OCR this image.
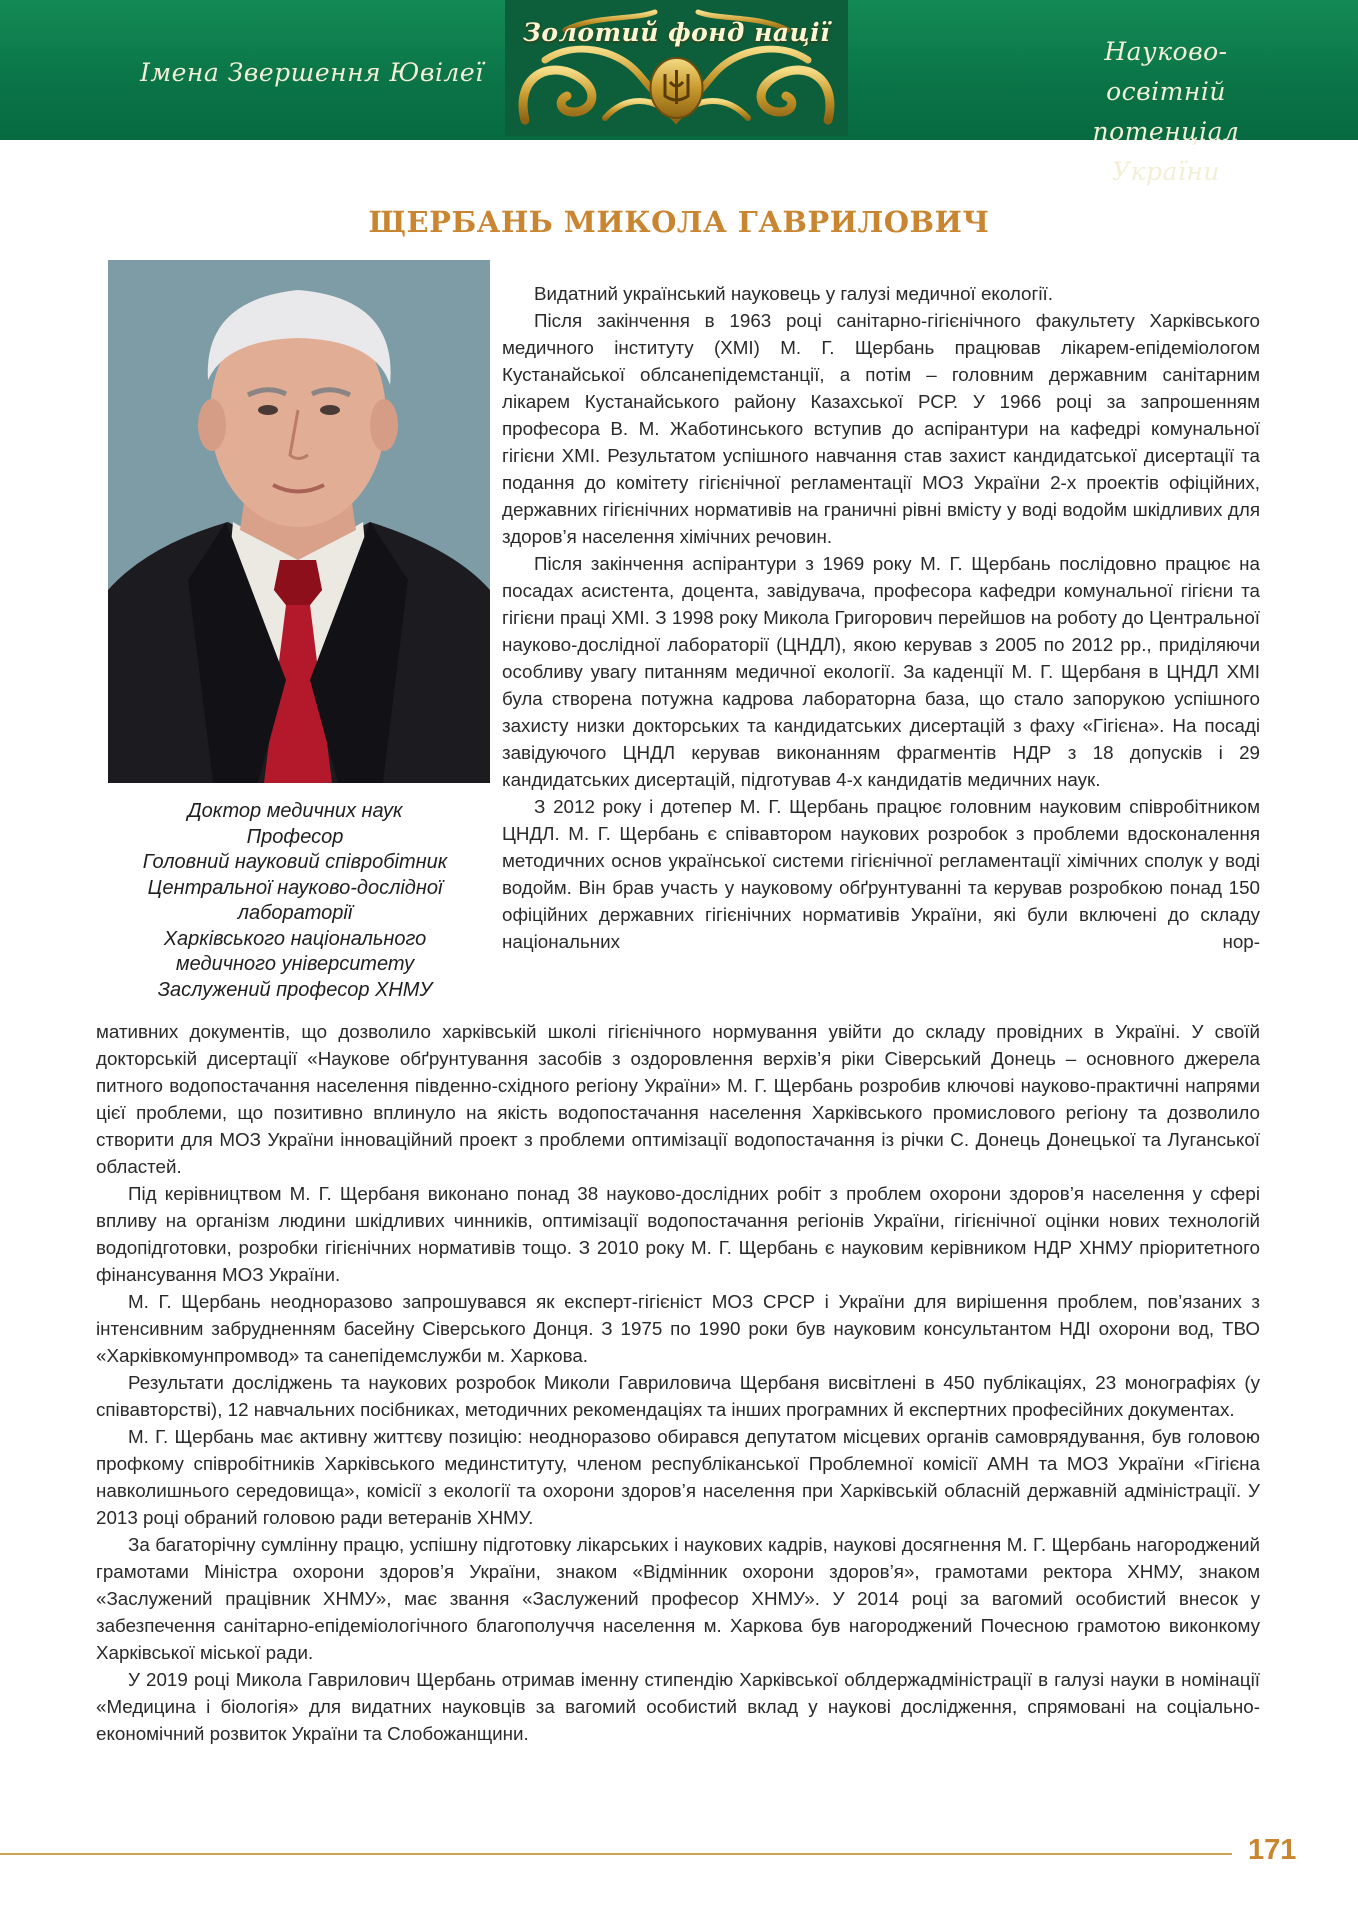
Імена Звершення Ювілеї
Золотий фонд нації
Науково-освітній
потенціал України
ЩЕРБАНЬ МИКОЛА ГАВРИЛОВИЧ
Доктор медичних наук
Професор
Головний науковий співробітник
Центральної науково-дослідної
лабораторії
Харківського національного
медичного університету
Заслужений професор ХНМУ

Видатний український науковець у галузі медичної екології.

Після закінчення в 1963 році санітарно-гігієнічного факультету Харківського медичного інституту (ХМІ) М. Г. Щербань працював лікарем-епідеміологом Кустанайської облсанепідемстанції, а потім – головним державним санітарним лікарем Кустанайського району Казахської РСР. У 1966 році за запрошенням професора В. М. Жаботинського вступив до аспірантури на кафедрі комунальної гігієни ХМІ. Результатом успішного навчання став захист кандидатської дисертації та подання до комітету гігієнічної регламентації МОЗ України 2-х проектів офіційних, державних гігієнічних нормативів на граничні рівні вмісту у воді водойм шкідливих для здоров’я населення хімічних речовин.

Після закінчення аспірантури з 1969 року М. Г. Щербань послідовно працює на посадах асистента, доцента, завідувача, професора кафедри комунальної гігієни та гігієни праці ХМІ. З 1998 року Микола Григорович перейшов на роботу до Центральної науково-дослідної лабораторії (ЦНДЛ), якою керував з 2005 по 2012 рр., приділяючи особливу увагу питанням медичної екології. За каденції М. Г. Щербаня в ЦНДЛ ХМІ була створена потужна кадрова лабораторна база, що стало запорукою успішного захисту низки докторських та кандидатських дисертацій з фаху «Гігієна». На посаді завідуючого ЦНДЛ керував виконанням фрагментів НДР з 18 допусків і 29 кандидатських дисертацій, підготував 4-х кандидатів медичних наук.

З 2012 року і дотепер М. Г. Щербань працює головним науковим співробітником ЦНДЛ. М. Г. Щербань є співавтором наукових розробок з проблеми вдосконалення методичних основ української системи гігієнічної регламентації хімічних сполук у воді водойм. Він брав участь у науковому обґрунтуванні та керував розробкою понад 150 офіційних державних гігієнічних нормативів України, які були включені до складу національних нор-

мативних документів, що дозволило харківській школі гігієнічного нормування увійти до складу провідних в Україні. У своїй докторській дисертації «Наукове обґрунтування засобів з оздоровлення верхів’я ріки Сіверський Донець – основного джерела питного водопостачання населення південно-східного регіону України» М. Г. Щербань розробив ключові науково-практичні напрями цієї проблеми, що позитивно вплинуло на якість водопостачання населення Харківського промислового регіону та дозволило створити для МОЗ України інноваційний проект з проблеми оптимізації водопостачання із річки С. Донець Донецької та Луганської областей.

Під керівництвом М. Г. Щербаня виконано понад 38 науково-дослідних робіт з проблем охорони здоров’я населення у сфері впливу на організм людини шкідливих чинників, оптимізації водопостачання регіонів України, гігієнічної оцінки нових технологій водопідготовки, розробки гігієнічних нормативів тощо. З 2010 року М. Г. Щербань є науковим керівником НДР ХНМУ пріоритетного фінансування МОЗ України.

М. Г. Щербань неодноразово запрошувався як експерт-гігієніст МОЗ СРСР і України для вирішення проблем, пов’язаних з інтенсивним забрудненням басейну Сіверського Донця. З 1975 по 1990 роки був науковим консультантом НДІ охорони вод, ТВО «Харківкомунпромвод» та санепідемслужби м. Харкова.

Результати досліджень та наукових розробок Миколи Гавриловича Щербаня висвітлені в 450 публікаціях, 23 монографіях (у співавторстві), 12 навчальних посібниках, методичних рекомендаціях та інших програмних й експертних професійних документах.

М. Г. Щербань має активну життєву позицію: неодноразово обирався депутатом місцевих органів самоврядування, був головою профкому співробітників Харківського мединституту, членом республіканської Проблемної комісії АМН та МОЗ України «Гігієна навколишнього середовища», комісії з екології та охорони здоров’я населення при Харківській обласній державній адміністрації. У 2013 році обраний головою ради ветеранів ХНМУ.

За багаторічну сумлінну працю, успішну підготовку лікарських і наукових кадрів, наукові досягнення М. Г. Щербань нагороджений грамотами Міністра охорони здоров’я України, знаком «Відмінник охорони здоров’я», грамотами ректора ХНМУ, знаком «Заслужений працівник ХНМУ», має звання «Заслужений професор ХНМУ». У 2014 році за вагомий особистий внесок у забезпечення санітарно-епідеміологічного благополуччя населення м. Харкова був нагороджений Почесною грамотою виконкому Харківської міської ради.

У 2019 році Микола Гаврилович Щербань отримав іменну стипендію Харківської облдержадміністрації в галузі науки в номінації «Медицина і біологія» для видатних науковців за вагомий особистий вклад у наукові дослідження, спрямовані на соціально-економічний розвиток України та Слобожанщини.

171
